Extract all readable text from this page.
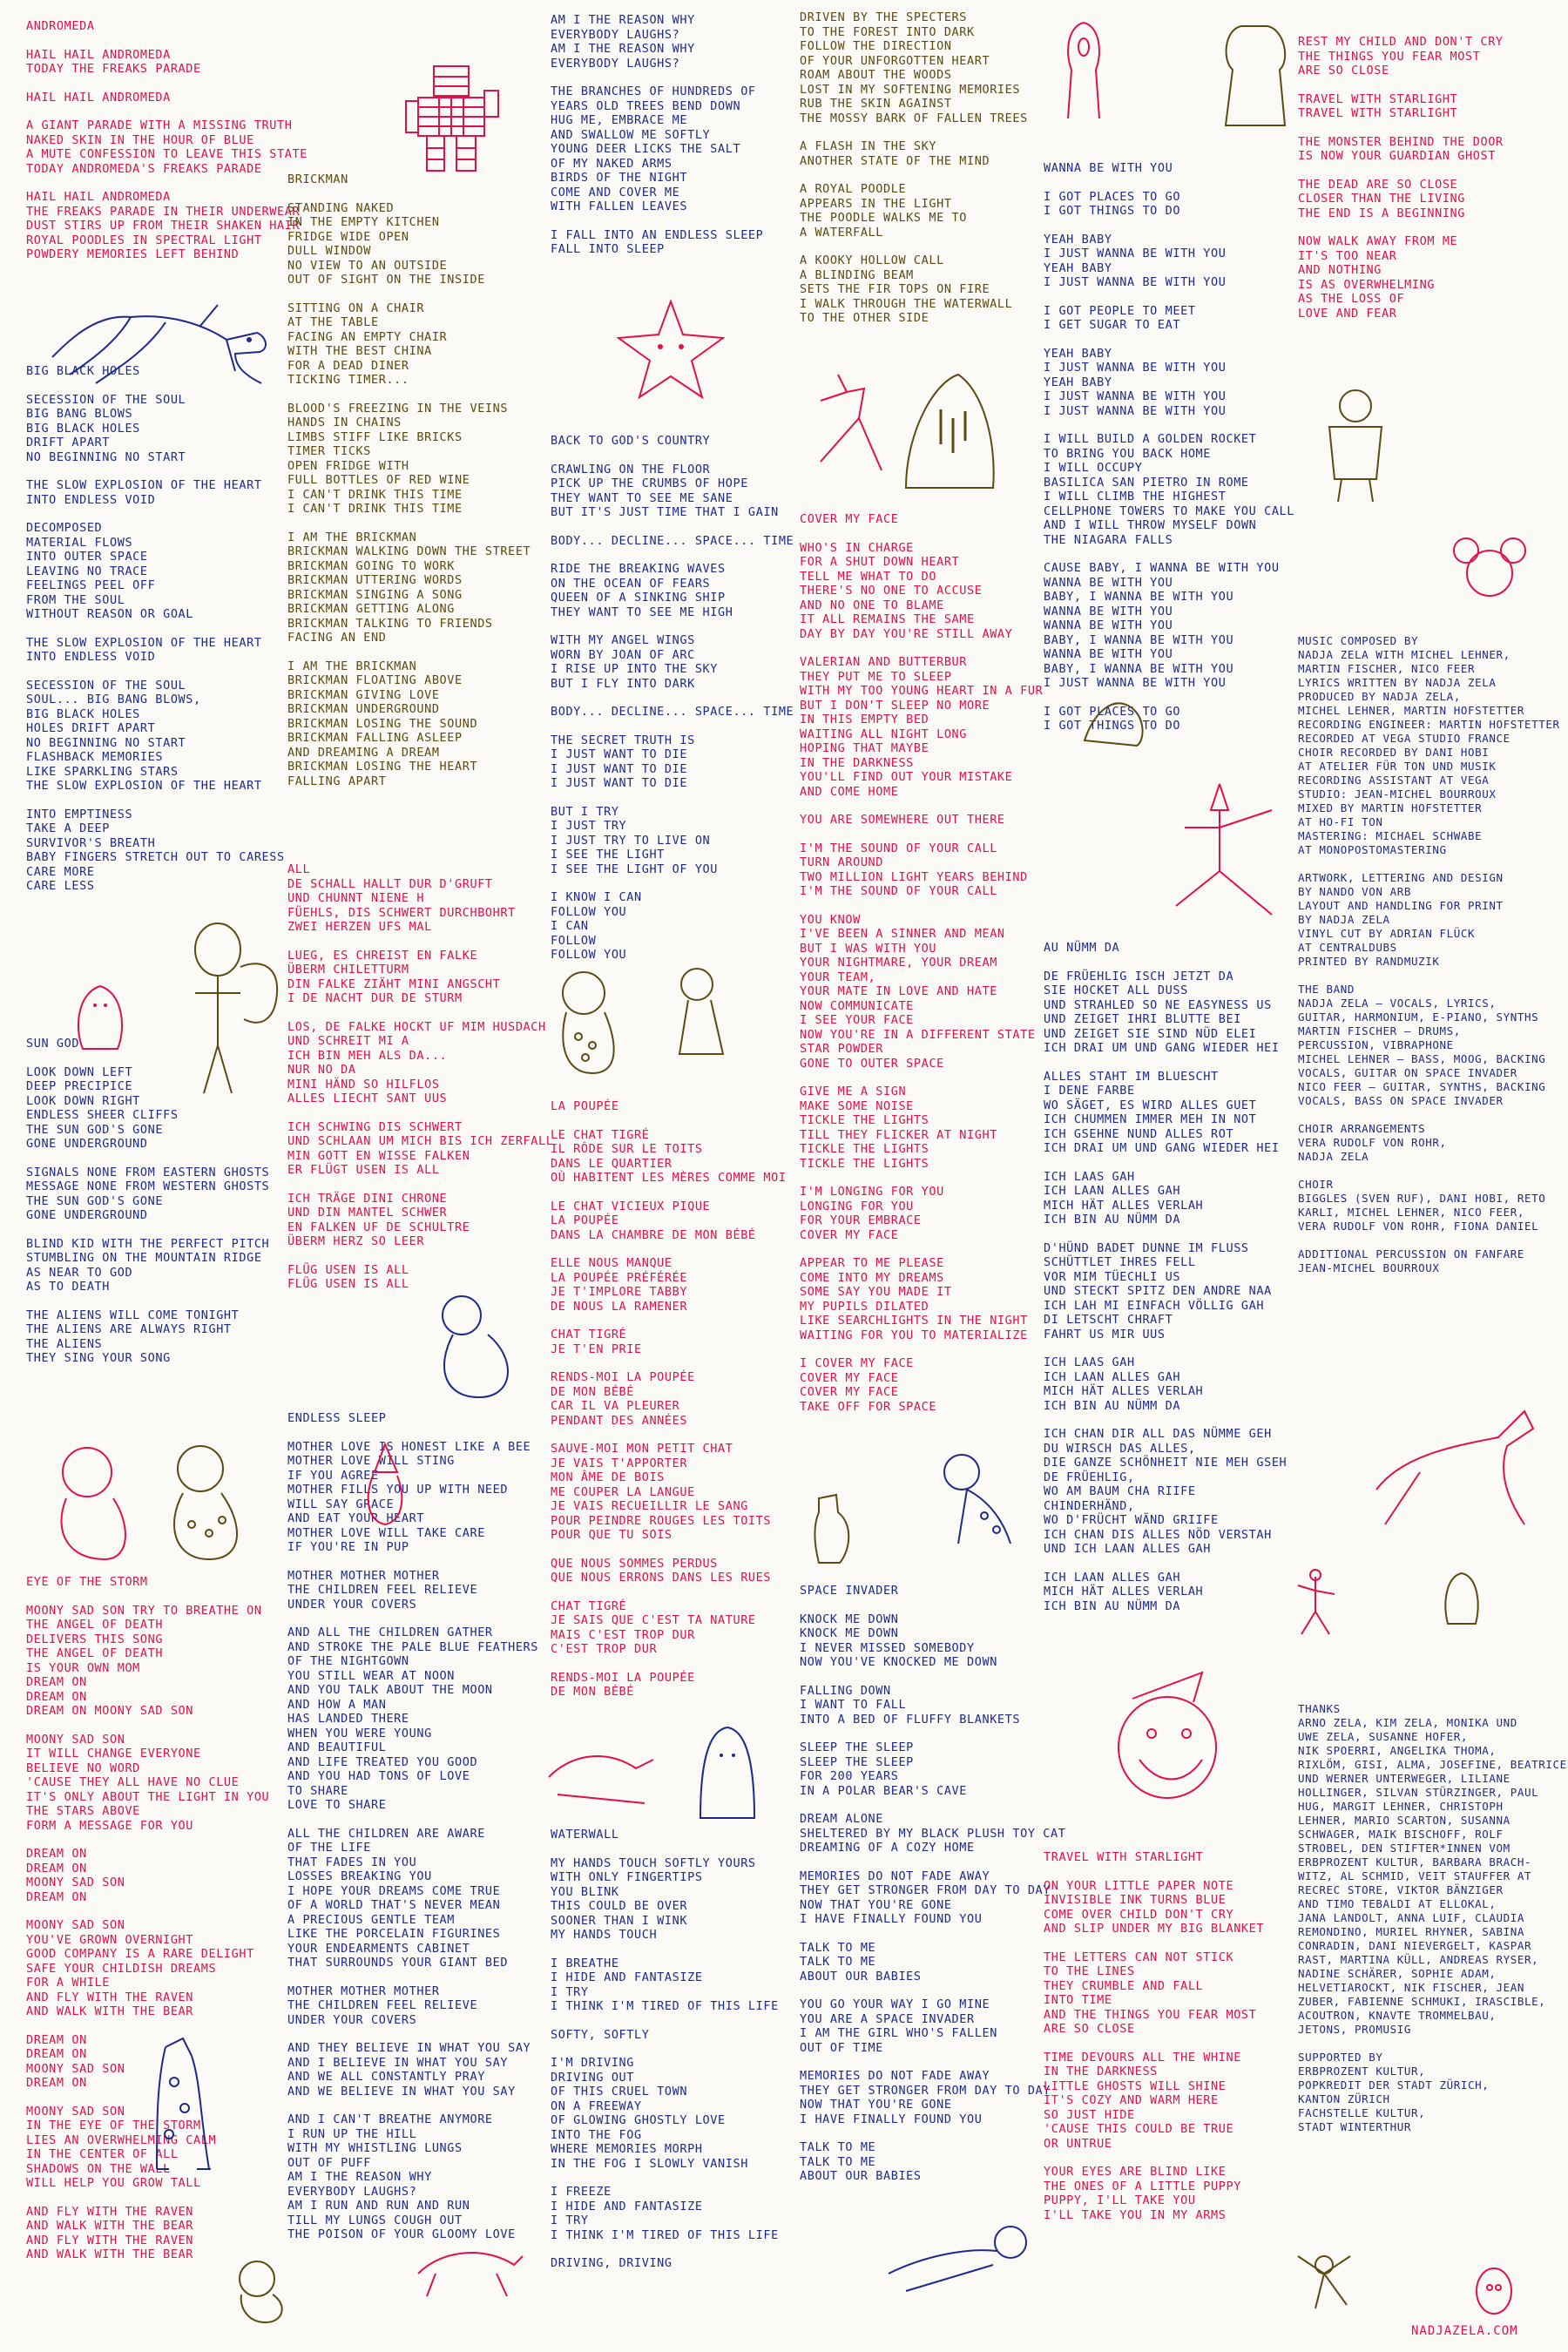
ANDROMEDA
HAIL HAIL ANDROMEDA
TODAY THE FREAKS PARADE
HAIL HAIL ANDROMEDA
A GIANT PARADE WITH A MISSING TRUTH
NAKED SKIN IN THE HOUR OF BLUE
A MUTE CONFESSION TO LEAVE THIS STATE
TODAY ANDROMEDA'S FREAKS PARADE
HAIL HAIL ANDROMEDA
THE FREAKS PARADE IN THEIR UNDERWEAR
DUST STIRS UP FROM THEIR SHAKEN HAIR
ROYAL POODLES IN SPECTRAL LIGHT
POWDERY MEMORIES LEFT BEHIND
BIG BLACK HOLES
SECESSION OF THE SOUL
BIG BANG BLOWS
BIG BLACK HOLES
DRIFT APART
NO BEGINNING NO START
THE SLOW EXPLOSION OF THE HEART
INTO ENDLESS VOID
DECOMPOSED
MATERIAL FLOWS
INTO OUTER SPACE
LEAVING NO TRACE
FEELINGS PEEL OFF
FROM THE SOUL
WITHOUT REASON OR GOAL
THE SLOW EXPLOSION OF THE HEART
INTO ENDLESS VOID
SECESSION OF THE SOUL
SOUL... BIG BANG BLOWS,
BIG BLACK HOLES
HOLES DRIFT APART
NO BEGINNING NO START
FLASHBACK MEMORIES
LIKE SPARKLING STARS
THE SLOW EXPLOSION OF THE HEART
INTO EMPTINESS
TAKE A DEEP
SURVIVOR'S BREATH
BABY FINGERS STRETCH OUT TO CARESS
CARE MORE
CARE LESS
SUN GOD
LOOK DOWN LEFT
DEEP PRECIPICE
LOOK DOWN RIGHT
ENDLESS SHEER CLIFFS
THE SUN GOD'S GONE
GONE UNDERGROUND
SIGNALS NONE FROM EASTERN GHOSTS
MESSAGE NONE FROM WESTERN GHOSTS
THE SUN GOD'S GONE
GONE UNDERGROUND
BLIND KID WITH THE PERFECT PITCH
STUMBLING ON THE MOUNTAIN RIDGE
AS NEAR TO GOD
AS TO DEATH
THE ALIENS WILL COME TONIGHT
THE ALIENS ARE ALWAYS RIGHT
THE ALIENS
THEY SING YOUR SONG
EYE OF THE STORM
MOONY SAD SON TRY TO BREATHE ON
THE ANGEL OF DEATH
DELIVERS THIS SONG
THE ANGEL OF DEATH
IS YOUR OWN MOM
DREAM ON
DREAM ON
DREAM ON MOONY SAD SON
MOONY SAD SON
IT WILL CHANGE EVERYONE
BELIEVE NO WORD
'CAUSE THEY ALL HAVE NO CLUE
IT'S ONLY ABOUT THE LIGHT IN YOU
THE STARS ABOVE
FORM A MESSAGE FOR YOU
DREAM ON
DREAM ON
MOONY SAD SON
DREAM ON
MOONY SAD SON
YOU'VE GROWN OVERNIGHT
GOOD COMPANY IS A RARE DELIGHT
SAFE YOUR CHILDISH DREAMS
FOR A WHILE
AND FLY WITH THE RAVEN
AND WALK WITH THE BEAR
DREAM ON
DREAM ON
MOONY SAD SON
DREAM ON
MOONY SAD SON
IN THE EYE OF THE STORM
LIES AN OVERWHELMING CALM
IN THE CENTER OF ALL
SHADOWS ON THE WALL
WILL HELP YOU GROW TALL
AND FLY WITH THE RAVEN
AND WALK WITH THE BEAR
AND FLY WITH THE RAVEN
AND WALK WITH THE BEAR
BRICKMAN
STANDING NAKED
IN THE EMPTY KITCHEN
FRIDGE WIDE OPEN
DULL WINDOW
NO VIEW TO AN OUTSIDE
OUT OF SIGHT ON THE INSIDE
SITTING ON A CHAIR
AT THE TABLE
FACING AN EMPTY CHAIR
WITH THE BEST CHINA
FOR A DEAD DINER
TICKING TIMER...
BLOOD'S FREEZING IN THE VEINS
HANDS IN CHAINS
LIMBS STIFF LIKE BRICKS
TIMER TICKS
OPEN FRIDGE WITH
FULL BOTTLES OF RED WINE
I CAN'T DRINK THIS TIME
I CAN'T DRINK THIS TIME
I AM THE BRICKMAN
BRICKMAN WALKING DOWN THE STREET
BRICKMAN GOING TO WORK
BRICKMAN UTTERING WORDS
BRICKMAN SINGING A SONG
BRICKMAN GETTING ALONG
BRICKMAN TALKING TO FRIENDS
FACING AN END
I AM THE BRICKMAN
BRICKMAN FLOATING ABOVE
BRICKMAN GIVING LOVE
BRICKMAN UNDERGROUND
BRICKMAN LOSING THE SOUND
BRICKMAN FALLING ASLEEP
AND DREAMING A DREAM
BRICKMAN LOSING THE HEART
FALLING APART
ALL
DE SCHALL HALLT DUR D'GRUFT
UND CHUNNT NIENE H
FÜEHLS, DIS SCHWERT DURCHBOHRT
ZWEI HERZEN UFS MAL
LUEG, ES CHREIST EN FALKE
ÜBERM CHILETTURM
DIN FALKE ZIÄHT MINI ANGSCHT
I DE NACHT DUR DE STURM
LOS, DE FALKE HOCKT UF MIM HUSDACH
UND SCHREIT MI A
ICH BIN MEH ALS DA...
NUR NO DA
MINI HÄND SO HILFLOS
ALLES LIECHT SANT UUS
ICH SCHWING DIS SCHWERT
UND SCHLAAN UM MICH BIS ICH ZERFALL
MIN GOTT EN WISSE FALKEN
ER FLÜGT USEN IS ALL
ICH TRÄGE DINI CHRONE
UND DIN MANTEL SCHWER
EN FALKEN UF DE SCHULTRE
ÜBERM HERZ SO LEER
FLÜG USEN IS ALL
FLÜG USEN IS ALL
ENDLESS SLEEP
MOTHER LOVE IS HONEST LIKE A BEE
MOTHER LOVE WILL STING
IF YOU AGREE
MOTHER FILLS YOU UP WITH NEED
WILL SAY GRACE
AND EAT YOUR HEART
MOTHER LOVE WILL TAKE CARE
IF YOU'RE IN PUP
MOTHER MOTHER MOTHER
THE CHILDREN FEEL RELIEVE
UNDER YOUR COVERS
AND ALL THE CHILDREN GATHER
AND STROKE THE PALE BLUE FEATHERS
OF THE NIGHTGOWN
YOU STILL WEAR AT NOON
AND YOU TALK ABOUT THE MOON
AND HOW A MAN
HAS LANDED THERE
WHEN YOU WERE YOUNG
AND BEAUTIFUL
AND LIFE TREATED YOU GOOD
AND YOU HAD TONS OF LOVE
TO SHARE
LOVE TO SHARE
ALL THE CHILDREN ARE AWARE
OF THE LIFE
THAT FADES IN YOU
LOSSES BREAKING YOU
I HOPE YOUR DREAMS COME TRUE
OF A WORLD THAT'S NEVER MEAN
A PRECIOUS GENTLE TEAM
LIKE THE PORCELAIN FIGURINES
YOUR ENDEARMENTS CABINET
THAT SURROUNDS YOUR GIANT BED
MOTHER MOTHER MOTHER
THE CHILDREN FEEL RELIEVE
UNDER YOUR COVERS
AND THEY BELIEVE IN WHAT YOU SAY
AND I BELIEVE IN WHAT YOU SAY
AND WE ALL CONSTANTLY PRAY
AND WE BELIEVE IN WHAT YOU SAY
AND I CAN'T BREATHE ANYMORE
I RUN UP THE HILL
WITH MY WHISTLING LUNGS
OUT OF PUFF
AM I THE REASON WHY
EVERYBODY LAUGHS?
AM I RUN AND RUN AND RUN
TILL MY LUNGS COUGH OUT
THE POISON OF YOUR GLOOMY LOVE
AM I THE REASON WHY
EVERYBODY LAUGHS?
AM I THE REASON WHY
EVERYBODY LAUGHS?
THE BRANCHES OF HUNDREDS OF
YEARS OLD TREES BEND DOWN
HUG ME, EMBRACE ME
AND SWALLOW ME SOFTLY
YOUNG DEER LICKS THE SALT
OF MY NAKED ARMS
BIRDS OF THE NIGHT
COME AND COVER ME
WITH FALLEN LEAVES
I FALL INTO AN ENDLESS SLEEP
FALL INTO SLEEP
BACK TO GOD'S COUNTRY
CRAWLING ON THE FLOOR
PICK UP THE CRUMBS OF HOPE
THEY WANT TO SEE ME SANE
BUT IT'S JUST TIME THAT I GAIN
BODY... DECLINE... SPACE... TIME
RIDE THE BREAKING WAVES
ON THE OCEAN OF FEARS
QUEEN OF A SINKING SHIP
THEY WANT TO SEE ME HIGH
WITH MY ANGEL WINGS
WORN BY JOAN OF ARC
I RISE UP INTO THE SKY
BUT I FLY INTO DARK
BODY... DECLINE... SPACE... TIME
THE SECRET TRUTH IS
I JUST WANT TO DIE
I JUST WANT TO DIE
I JUST WANT TO DIE
BUT I TRY
I JUST TRY
I JUST TRY TO LIVE ON
I SEE THE LIGHT
I SEE THE LIGHT OF YOU
I KNOW I CAN
FOLLOW YOU
I CAN
FOLLOW
FOLLOW YOU
LA POUPÉE
LE CHAT TIGRÉ
IL RÔDE SUR LE TOITS
DANS LE QUARTIER
OÙ HABITENT LES MÈRES COMME MOI
LE CHAT VICIEUX PIQUE
LA POUPÉE
DANS LA CHAMBRE DE MON BÉBÉ
ELLE NOUS MANQUE
LA POUPÉE PRÉFÉRÉE
JE T'IMPLORE TABBY
DE NOUS LA RAMENER
CHAT TIGRÉ
JE T'EN PRIE
RENDS-MOI LA POUPÉE
DE MON BÉBÉ
CAR IL VA PLEURER
PENDANT DES ANNÉES
SAUVE-MOI MON PETIT CHAT
JE VAIS T'APPORTER
MON ÂME DE BOIS
ME COUPER LA LANGUE
JE VAIS RECUEILLIR LE SANG
POUR PEINDRE ROUGES LES TOITS
POUR QUE TU SOIS
QUE NOUS SOMMES PERDUS
QUE NOUS ERRONS DANS LES RUES
CHAT TIGRÉ
JE SAIS QUE C'EST TA NATURE
MAIS C'EST TROP DUR
C'EST TROP DUR
RENDS-MOI LA POUPÉE
DE MON BÉBÉ
WATERWALL
MY HANDS TOUCH SOFTLY YOURS
WITH ONLY FINGERTIPS
YOU BLINK
THIS COULD BE OVER
SOONER THAN I WINK
MY HANDS TOUCH
I BREATHE
I HIDE AND FANTASIZE
I TRY
I THINK I'M TIRED OF THIS LIFE
SOFTY, SOFTLY
I'M DRIVING
DRIVING OUT
OF THIS CRUEL TOWN
ON A FREEWAY
OF GLOWING GHOSTLY LOVE
INTO THE FOG
WHERE MEMORIES MORPH
IN THE FOG I SLOWLY VANISH
I FREEZE
I HIDE AND FANTASIZE
I TRY
I THINK I'M TIRED OF THIS LIFE
DRIVING, DRIVING
DRIVEN BY THE SPECTERS
TO THE FOREST INTO DARK
FOLLOW THE DIRECTION
OF YOUR UNFORGOTTEN HEART
ROAM ABOUT THE WOODS
LOST IN MY SOFTENING MEMORIES
RUB THE SKIN AGAINST
THE MOSSY BARK OF FALLEN TREES
A FLASH IN THE SKY
ANOTHER STATE OF THE MIND
A ROYAL POODLE
APPEARS IN THE LIGHT
THE POODLE WALKS ME TO
A WATERFALL
A KOOKY HOLLOW CALL
A BLINDING BEAM
SETS THE FIR TOPS ON FIRE
I WALK THROUGH THE WATERWALL
TO THE OTHER SIDE
COVER MY FACE
WHO'S IN CHARGE
FOR A SHUT DOWN HEART
TELL ME WHAT TO DO
THERE'S NO ONE TO ACCUSE
AND NO ONE TO BLAME
IT ALL REMAINS THE SAME
DAY BY DAY YOU'RE STILL AWAY
VALERIAN AND BUTTERBUR
THEY PUT ME TO SLEEP
WITH MY TOO YOUNG HEART IN A FUR
BUT I DON'T SLEEP NO MORE
IN THIS EMPTY BED
WAITING ALL NIGHT LONG
HOPING THAT MAYBE
IN THE DARKNESS
YOU'LL FIND OUT YOUR MISTAKE
AND COME HOME
YOU ARE SOMEWHERE OUT THERE
I'M THE SOUND OF YOUR CALL
TURN AROUND
TWO MILLION LIGHT YEARS BEHIND
I'M THE SOUND OF YOUR CALL
YOU KNOW
I'VE BEEN A SINNER AND MEAN
BUT I WAS WITH YOU
YOUR NIGHTMARE, YOUR DREAM
YOUR TEAM,
YOUR MATE IN LOVE AND HATE
NOW COMMUNICATE
I SEE YOUR FACE
NOW YOU'RE IN A DIFFERENT STATE
STAR POWDER
GONE TO OUTER SPACE
GIVE ME A SIGN
MAKE SOME NOISE
TICKLE THE LIGHTS
TILL THEY FLICKER AT NIGHT
TICKLE THE LIGHTS
TICKLE THE LIGHTS
I'M LONGING FOR YOU
LONGING FOR YOU
FOR YOUR EMBRACE
COVER MY FACE
APPEAR TO ME PLEASE
COME INTO MY DREAMS
SOME SAY YOU MADE IT
MY PUPILS DILATED
LIKE SEARCHLIGHTS IN THE NIGHT
WAITING FOR YOU TO MATERIALIZE
I COVER MY FACE
COVER MY FACE
COVER MY FACE
TAKE OFF FOR SPACE
SPACE INVADER
KNOCK ME DOWN
KNOCK ME DOWN
I NEVER MISSED SOMEBODY
NOW YOU'VE KNOCKED ME DOWN
FALLING DOWN
I WANT TO FALL
INTO A BED OF FLUFFY BLANKETS
SLEEP THE SLEEP
SLEEP THE SLEEP
FOR 200 YEARS
IN A POLAR BEAR'S CAVE
DREAM ALONE
SHELTERED BY MY BLACK PLUSH TOY CAT
DREAMING OF A COZY HOME
MEMORIES DO NOT FADE AWAY
THEY GET STRONGER FROM DAY TO DAY
NOW THAT YOU'RE GONE
I HAVE FINALLY FOUND YOU
TALK TO ME
TALK TO ME
ABOUT OUR BABIES
YOU GO YOUR WAY I GO MINE
YOU ARE A SPACE INVADER
I AM THE GIRL WHO'S FALLEN
OUT OF TIME
MEMORIES DO NOT FADE AWAY
THEY GET STRONGER FROM DAY TO DAY
NOW THAT YOU'RE GONE
I HAVE FINALLY FOUND YOU
TALK TO ME
TALK TO ME
ABOUT OUR BABIES
WANNA BE WITH YOU
I GOT PLACES TO GO
I GOT THINGS TO DO
YEAH BABY
I JUST WANNA BE WITH YOU
YEAH BABY
I JUST WANNA BE WITH YOU
I GOT PEOPLE TO MEET
I GET SUGAR TO EAT
YEAH BABY
I JUST WANNA BE WITH YOU
YEAH BABY
I JUST WANNA BE WITH YOU
I JUST WANNA BE WITH YOU
I WILL BUILD A GOLDEN ROCKET
TO BRING YOU BACK HOME
I WILL OCCUPY
BASILICA SAN PIETRO IN ROME
I WILL CLIMB THE HIGHEST
CELLPHONE TOWERS TO MAKE YOU CALL
AND I WILL THROW MYSELF DOWN
THE NIAGARA FALLS
CAUSE BABY, I WANNA BE WITH YOU
WANNA BE WITH YOU
BABY, I WANNA BE WITH YOU
WANNA BE WITH YOU
WANNA BE WITH YOU
BABY, I WANNA BE WITH YOU
WANNA BE WITH YOU
BABY, I WANNA BE WITH YOU
I JUST WANNA BE WITH YOU
I GOT PLACES TO GO
I GOT THINGS TO DO
AU NÜMM DA
DE FRÜEHLIG ISCH JETZT DA
SIE HOCKET ALL DUSS
UND STRAHLED SO NE EASYNESS US
UND ZEIGET IHRI BLUTTE BEI
UND ZEIGET SIE SIND NÜD ELEI
ICH DRAI UM UND GANG WIEDER HEI
ALLES STAHT IM BLUESCHT
I DENE FARBE
WO SÄGET, ES WIRD ALLES GUET
ICH CHUMMEN IMMER MEH IN NOT
ICH GSEHNE NUND ALLES ROT
ICH DRAI UM UND GANG WIEDER HEI
ICH LAAS GAH
ICH LAAN ALLES GAH
MICH HÄT ALLES VERLAH
ICH BIN AU NÜMM DA
D'HÜND BADET DUNNE IM FLUSS
SCHÜTTLET IHRES FELL
VOR MIM TÜECHLI US
UND STECKT SPITZ DEN ANDRE NAA
ICH LAH MI EINFACH VÖLLIG GAH
DI LETSCHT CHRAFT
FAHRT US MIR UUS
ICH LAAS GAH
ICH LAAN ALLES GAH
MICH HÄT ALLES VERLAH
ICH BIN AU NÜMM DA
ICH CHAN DIR ALL DAS NÜMME GEH
DU WIRSCH DAS ALLES,
DIE GANZE SCHÖNHEIT NIE MEH GSEH
DE FRÜEHLIG,
WO AM BAUM CHA RIIFE
CHINDERHÄND,
WO D'FRÜCHT WÄND GRIIFE
ICH CHAN DIS ALLES NÖD VERSTAH
UND ICH LAAN ALLES GAH
ICH LAAN ALLES GAH
MICH HÄT ALLES VERLAH
ICH BIN AU NÜMM DA
TRAVEL WITH STARLIGHT
ON YOUR LITTLE PAPER NOTE
INVISIBLE INK TURNS BLUE
COME OVER CHILD DON'T CRY
AND SLIP UNDER MY BIG BLANKET
THE LETTERS CAN NOT STICK
TO THE LINES
THEY CRUMBLE AND FALL
INTO TIME
AND THE THINGS YOU FEAR MOST
ARE SO CLOSE
TIME DEVOURS ALL THE WHINE
IN THE DARKNESS
LITTLE GHOSTS WILL SHINE
IT'S COZY AND WARM HERE
SO JUST HIDE
'CAUSE THIS COULD BE TRUE
OR UNTRUE
YOUR EYES ARE BLIND LIKE
THE ONES OF A LITTLE PUPPY
PUPPY, I'LL TAKE YOU
I'LL TAKE YOU IN MY ARMS
REST MY CHILD AND DON'T CRY
THE THINGS YOU FEAR MOST
ARE SO CLOSE
TRAVEL WITH STARLIGHT
TRAVEL WITH STARLIGHT
THE MONSTER BEHIND THE DOOR
IS NOW YOUR GUARDIAN GHOST
THE DEAD ARE SO CLOSE
CLOSER THAN THE LIVING
THE END IS A BEGINNING
NOW WALK AWAY FROM ME
IT'S TOO NEAR
AND NOTHING
IS AS OVERWHELMING
AS THE LOSS OF
LOVE AND FEAR
MUSIC COMPOSED BY
NADJA ZELA WITH MICHEL LEHNER,
MARTIN FISCHER, NICO FEER
LYRICS WRITTEN BY NADJA ZELA
PRODUCED BY NADJA ZELA,
MICHEL LEHNER, MARTIN HOFSTETTER
RECORDING ENGINEER: MARTIN HOFSTETTER
RECORDED AT VEGA STUDIO FRANCE
CHOIR RECORDED BY DANI HOBI
AT ATELIER FÜR TON UND MUSIK
RECORDING ASSISTANT AT VEGA
STUDIO: JEAN-MICHEL BOURROUX
MIXED BY MARTIN HOFSTETTER
AT HO-FI TON
MASTERING: MICHAEL SCHWABE
AT MONOPOSTOMASTERING
ARTWORK, LETTERING AND DESIGN
BY NANDO VON ARB
LAYOUT AND HANDLING FOR PRINT
BY NADJA ZELA
VINYL CUT BY ADRIAN FLÜCK
AT CENTRALDUBS
PRINTED BY RANDMUZIK
THE BAND
NADJA ZELA – VOCALS, LYRICS,
GUITAR, HARMONIUM, E-PIANO, SYNTHS
MARTIN FISCHER – DRUMS,
PERCUSSION, VIBRAPHONE
MICHEL LEHNER – BASS, MOOG, BACKING
VOCALS, GUITAR ON SPACE INVADER
NICO FEER – GUITAR, SYNTHS, BACKING
VOCALS, BASS ON SPACE INVADER
CHOIR ARRANGEMENTS
VERA RUDOLF VON ROHR,
NADJA ZELA
CHOIR
BIGGLES (SVEN RUF), DANI HOBI, RETO
KARLI, MICHEL LEHNER, NICO FEER,
VERA RUDOLF VON ROHR, FIONA DANIEL
ADDITIONAL PERCUSSION ON FANFARE
JEAN-MICHEL BOURROUX
THANKS
ARNO ZELA, KIM ZELA, MONIKA UND
UWE ZELA, SUSANNE HOFER,
NIK SPOERRI, ANGELIKA THOMA,
RIXLÖM, GISI, ALMA, JOSEFINE, BEATRICE
UND WERNER UNTERWEGER, LILIANE
HOLLINGER, SILVAN STÜRZINGER, PAUL
HUG, MARGIT LEHNER, CHRISTOPH
LEHNER, MARIO SCARTON, SUSANNA
SCHWAGER, MAIK BISCHOFF, ROLF
STROBEL, DEN STIFTER*INNEN VOM
ERBPROZENT KULTUR, BARBARA BRACH-
WITZ, AL SCHMID, VEIT STAUFFER AT
RECREC STORE, VIKTOR BÄNZIGER
AND TIMO TEBALDI AT ELLOKAL,
JANA LANDOLT, ANNA LUIF, CLAUDIA
REMONDINO, MURIEL RHYNER, SABINA
CONRADIN, DANI NIEVERGELT, KASPAR
RAST, MARTINA KÜLL, ANDREAS RYSER,
NADINE SCHÄRER, SOPHIE ADAM,
HELVETIAROCKT, NIK FISCHER, JEAN
ZUBER, FABIENNE SCHMUKI, IRASCIBLE,
ACOUTRON, KNAVTE TROMMELBAU,
JETONS, PROMUSIG
SUPPORTED BY
ERBPROZENT KULTUR,
POPKREDIT DER STADT ZÜRICH,
KANTON ZÜRICH
FACHSTELLE KULTUR,
STADT WINTERTHUR
NADJAZELA.COM
